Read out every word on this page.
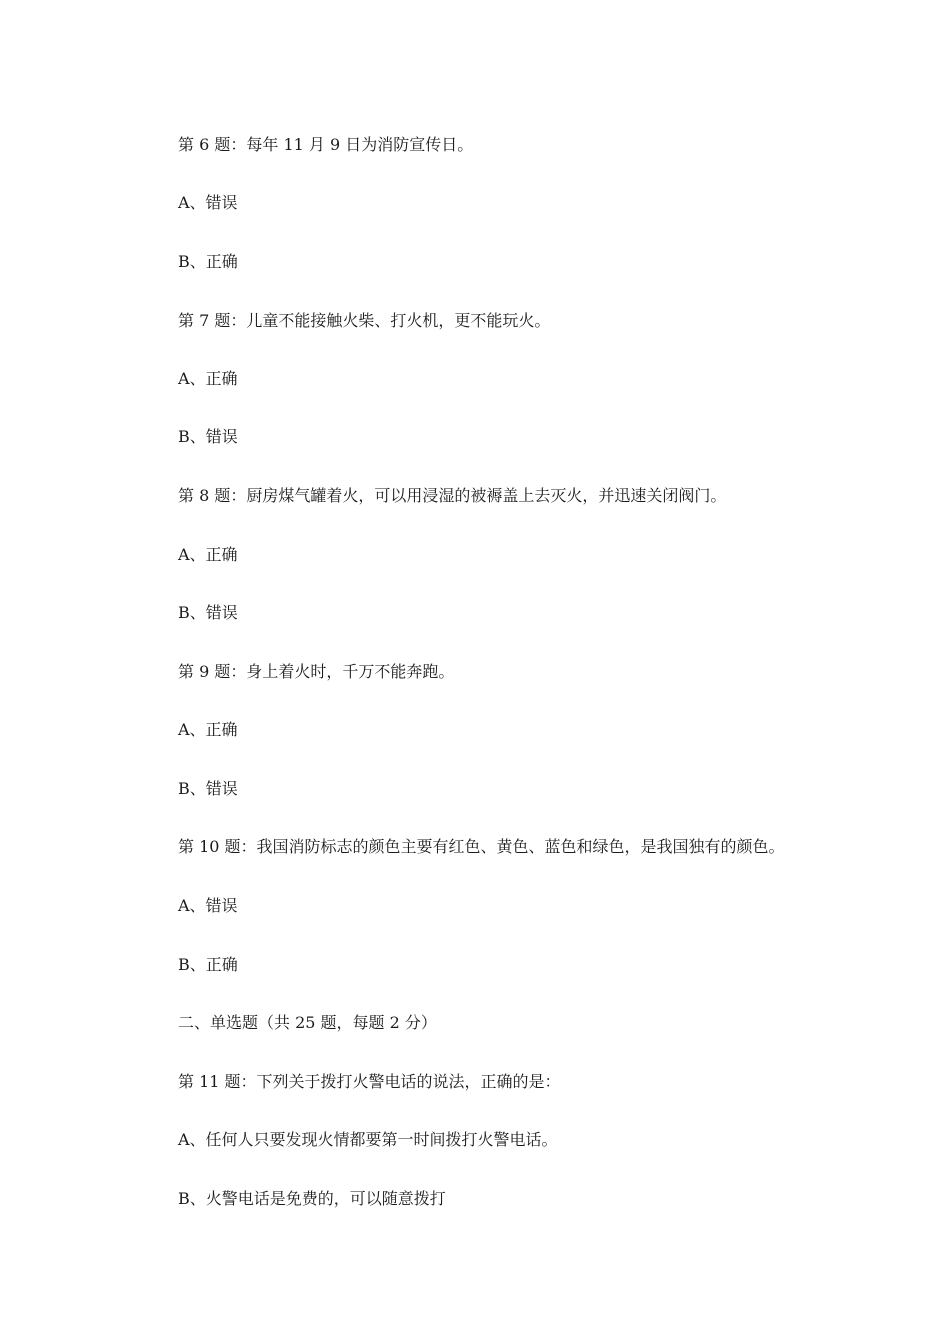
第 6 题：每年 11 月 9 日为消防宣传日。
A、错误
B、正确
第 7 题：儿童不能接触火柴、打火机，更不能玩火。
A、正确
B、错误
第 8 题：厨房煤气罐着火，可以用浸湿的被褥盖上去灭火，并迅速关闭阀门。
A、正确
B、错误
第 9 题：身上着火时，千万不能奔跑。
A、正确
B、错误
第 10 题：我国消防标志的颜色主要有红色、黄色、蓝色和绿色，是我国独有的颜色。
A、错误
B、正确
二、单选题（共 25 题，每题 2 分）
第 11 题：下列关于拨打火警电话的说法，正确的是：
A、任何人只要发现火情都要第一时间拨打火警电话。
B、火警电话是免费的，可以随意拨打
